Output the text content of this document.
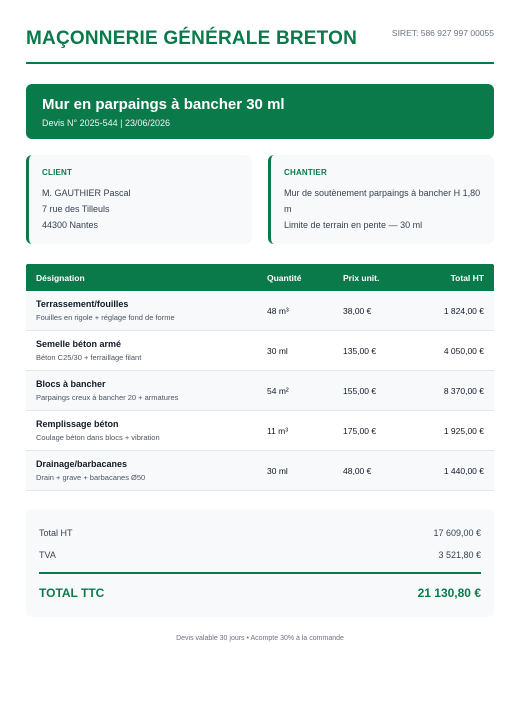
MAÇONNERIE GÉNÉRALE BRETON	SIRET: 586 927 997 00055
Mur en parpaings à bancher 30 ml
Devis N° 2025-544 | 23/06/2026
CLIENT
M. GAUTHIER Pascal
7 rue des Tilleuls
44300 Nantes
CHANTIER
Mur de soutènement parpaings à bancher H 1,80
m
Limite de terrain en pente — 30 ml
Désignation	Quantité	Prix unit.	Total HT
Terrassement/fouilles
Fouilles en rigole + réglage fond de forme
48 m³	38,00 €	1 824,00 €
Semelle béton armé
Béton C25/30 + ferraillage filant
30 ml	135,00 €	4 050,00 €
Blocs à bancher
Parpaings creux à bancher 20 + armatures
54 m²	155,00 €	8 370,00 €
Remplissage béton
Coulage béton dans blocs + vibration
11 m³	175,00 €	1 925,00 €
Drainage/barbacanes
Drain + grave + barbacanes Ø50
30 ml	48,00 €	1 440,00 €
Total HT	17 609,00 €
TVA	3 521,80 €
TOTAL TTC	21 130,80 €
Devis valable 30 jours • Acompte 30% à la commande
